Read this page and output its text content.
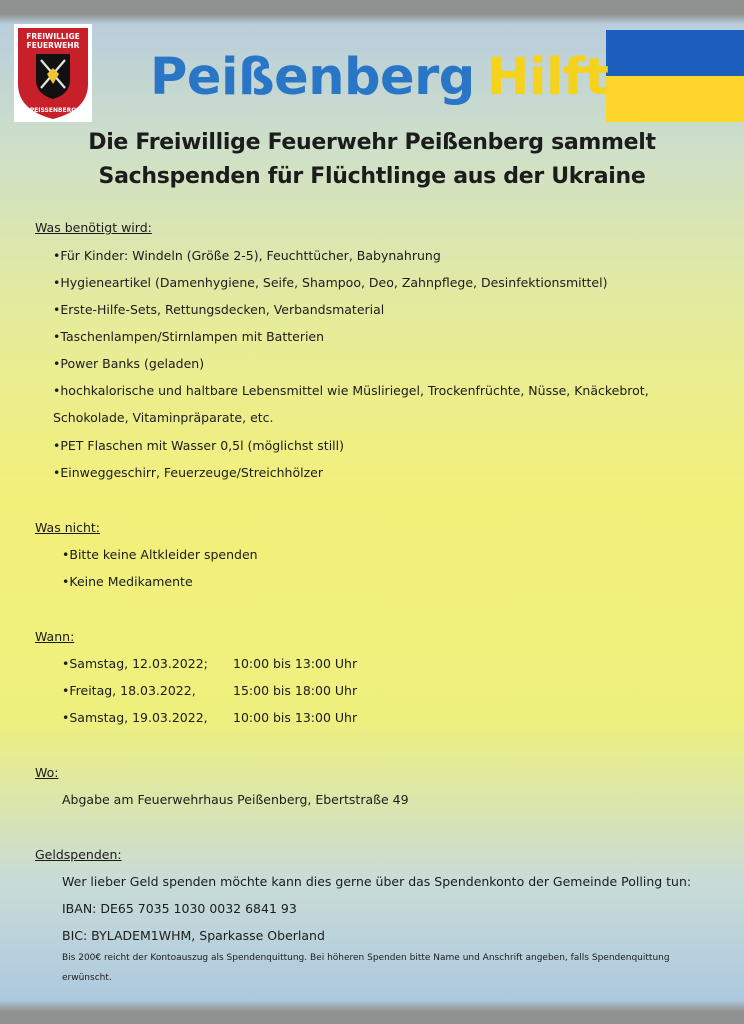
FREIWILLIGE
FEUERWEHR
PEISSENBERG
Peißenberg Hilft
Die Freiwillige Feuerwehr Peißenberg sammelt
Sachspenden für Flüchtlinge aus der Ukraine
Was benötigt wird:
•Für Kinder: Windeln (Größe 2-5), Feuchttücher, Babynahrung
•Hygieneartikel (Damenhygiene, Seife, Shampoo, Deo, Zahnpflege, Desinfektionsmittel)
•Erste-Hilfe-Sets, Rettungsdecken, Verbandsmaterial
•Taschenlampen/Stirnlampen mit Batterien
•Power Banks (geladen)
•hochkalorische und haltbare Lebensmittel wie Müsliriegel, Trockenfrüchte, Nüsse, Knäckebrot,
Schokolade, Vitaminpräparate, etc.
•PET Flaschen mit Wasser 0,5l (möglichst still)
•Einweggeschirr, Feuerzeuge/Streichhölzer
Was nicht:
•Bitte keine Altkleider spenden
•Keine Medikamente
Wann:
•Samstag, 12.03.2022; 10:00 bis 13:00 Uhr
•Freitag, 18.03.2022,	15:00 bis 18:00 Uhr
•Samstag, 19.03.2022, 10:00 bis 13:00 Uhr
Wo:
Abgabe am Feuerwehrhaus Peißenberg, Ebertstraße 49
Geldspenden:
Wer lieber Geld spenden möchte kann dies gerne über das Spendenkonto der Gemeinde Polling tun:
IBAN: DE65 7035 1030 0032 6841 93
BIC: BYLADEM1WHM, Sparkasse Oberland
Bis 200€ reicht der Kontoauszug als Spendenquittung. Bei höheren Spenden bitte Name und Anschrift angeben, falls Spendenquittung
erwünscht.
